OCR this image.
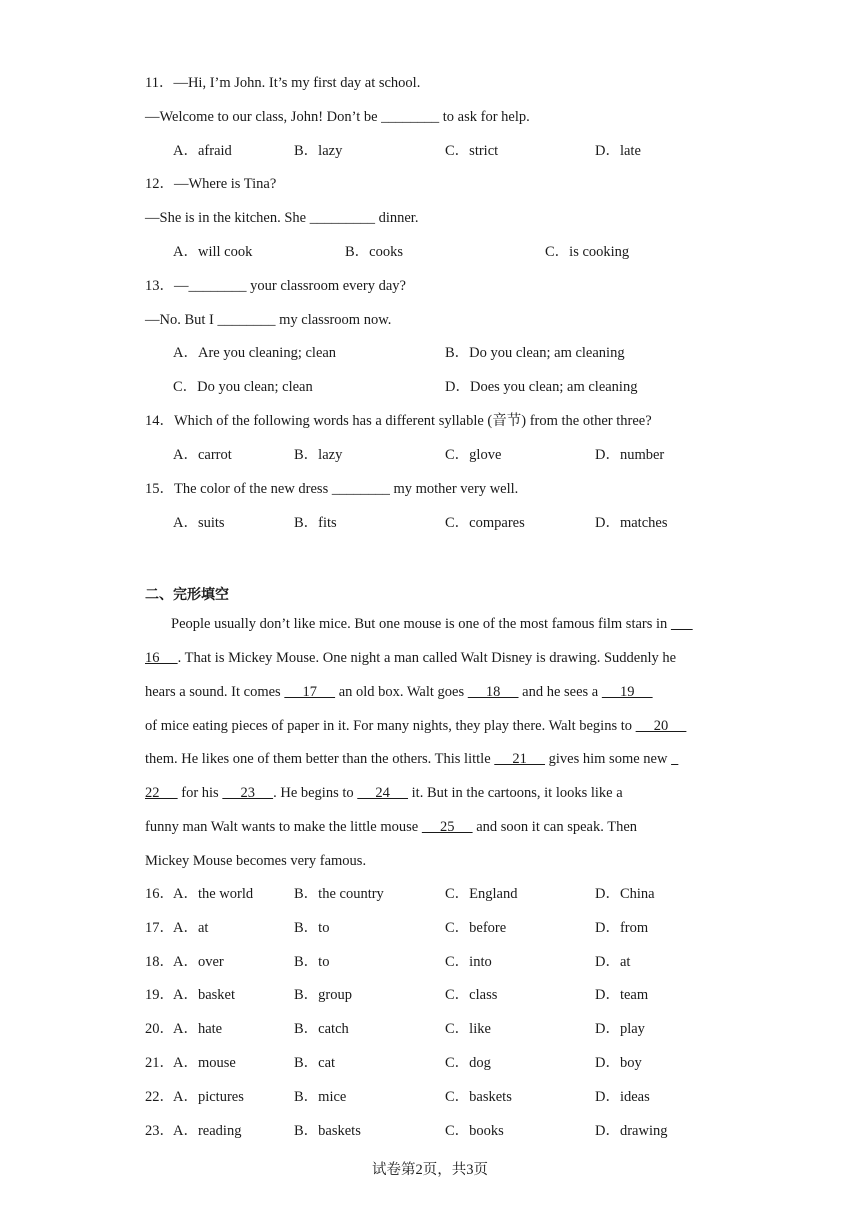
11．—Hi, I’m John. It’s my first day at school.
—Welcome to our class, John! Don’t be ________ to ask for help.
A．afraid	B．lazy	C．strict	D．late
12．—Where is Tina?
—She is in the kitchen. She _________ dinner.
A．will cook	B．cooks	C．is cooking
13．—________ your classroom every day?
—No. But I ________ my classroom now.
A．Are you cleaning; clean	B．Do you clean; am cleaning
C．Do you clean; clean	D．Does you clean; am cleaning
14．Which of the following words has a different syllable (音节) from the other three?
A．carrot	B．lazy	C．glove	D．number
15．The color of the new dress ________ my mother very well.
A．suits	B．fits	C．compares	D．matches
二、完形填空
People usually don’t like mice. But one mouse is one of the most famous film stars in
16     . That is Mickey Mouse. One night a man called Walt Disney is drawing. Suddenly he
hears a sound. It comes      17      an old box. Walt goes      18      and he sees a      19
of mice eating pieces of paper in it. For many nights, they play there. Walt begins to      20
them. He likes one of them better than the others. This little      21      gives him some new
22      for his      23     . He begins to      24      it. But in the cartoons, it looks like a
funny man Walt wants to make the little mouse      25      and soon it can speak. Then
Mickey Mouse becomes very famous.
16． A．the world	B．the country	C．England	D．China
17． A．at	B．to	C．before	D．from
18． A．over	B．to	C．into	D．at
19． A．basket	B．group	C．class	D．team
20． A．hate	B．catch	C．like	D．play
21． A．mouse	B．cat	C．dog	D．boy
22． A．pictures	B．mice	C．baskets	D．ideas
23． A．reading	B．baskets	C．books	D．drawing
试卷第2页，共3页
